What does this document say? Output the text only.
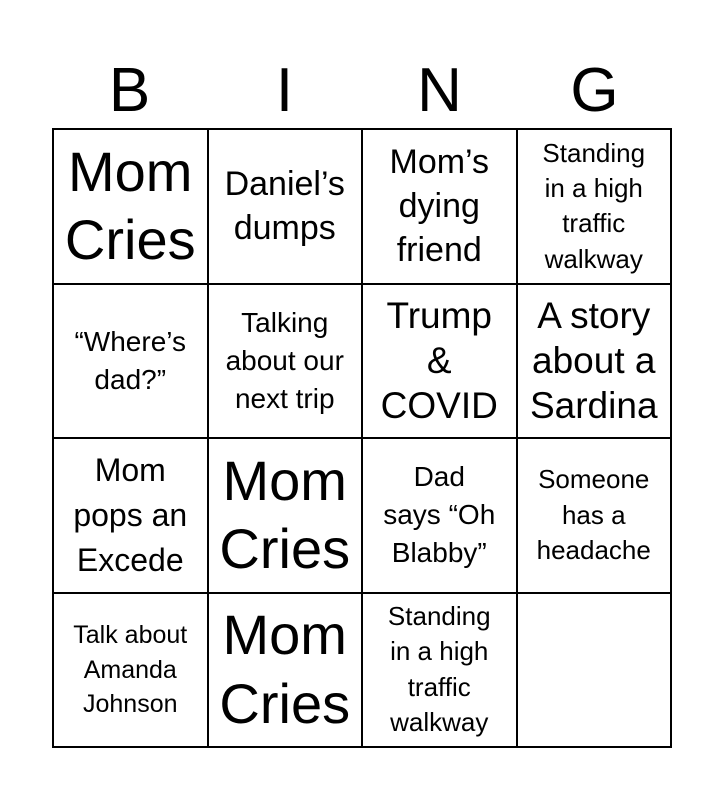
B	I	N	G
Mom
Cries
Daniel’s
dumps
Mom’s
dying
friend
Standing
in a high
traffic
walkway
“Where’s
dad?”
Talking
about our
next trip
Trump
&
COVID
A story
about a
Sardina
Mom
pops an
Excede
Mom
Cries
Dad
says “Oh
Blabby”
Someone
has a
headache
Talk about
Amanda
Johnson
Mom
Cries
Standing
in a high
traffic
walkway
